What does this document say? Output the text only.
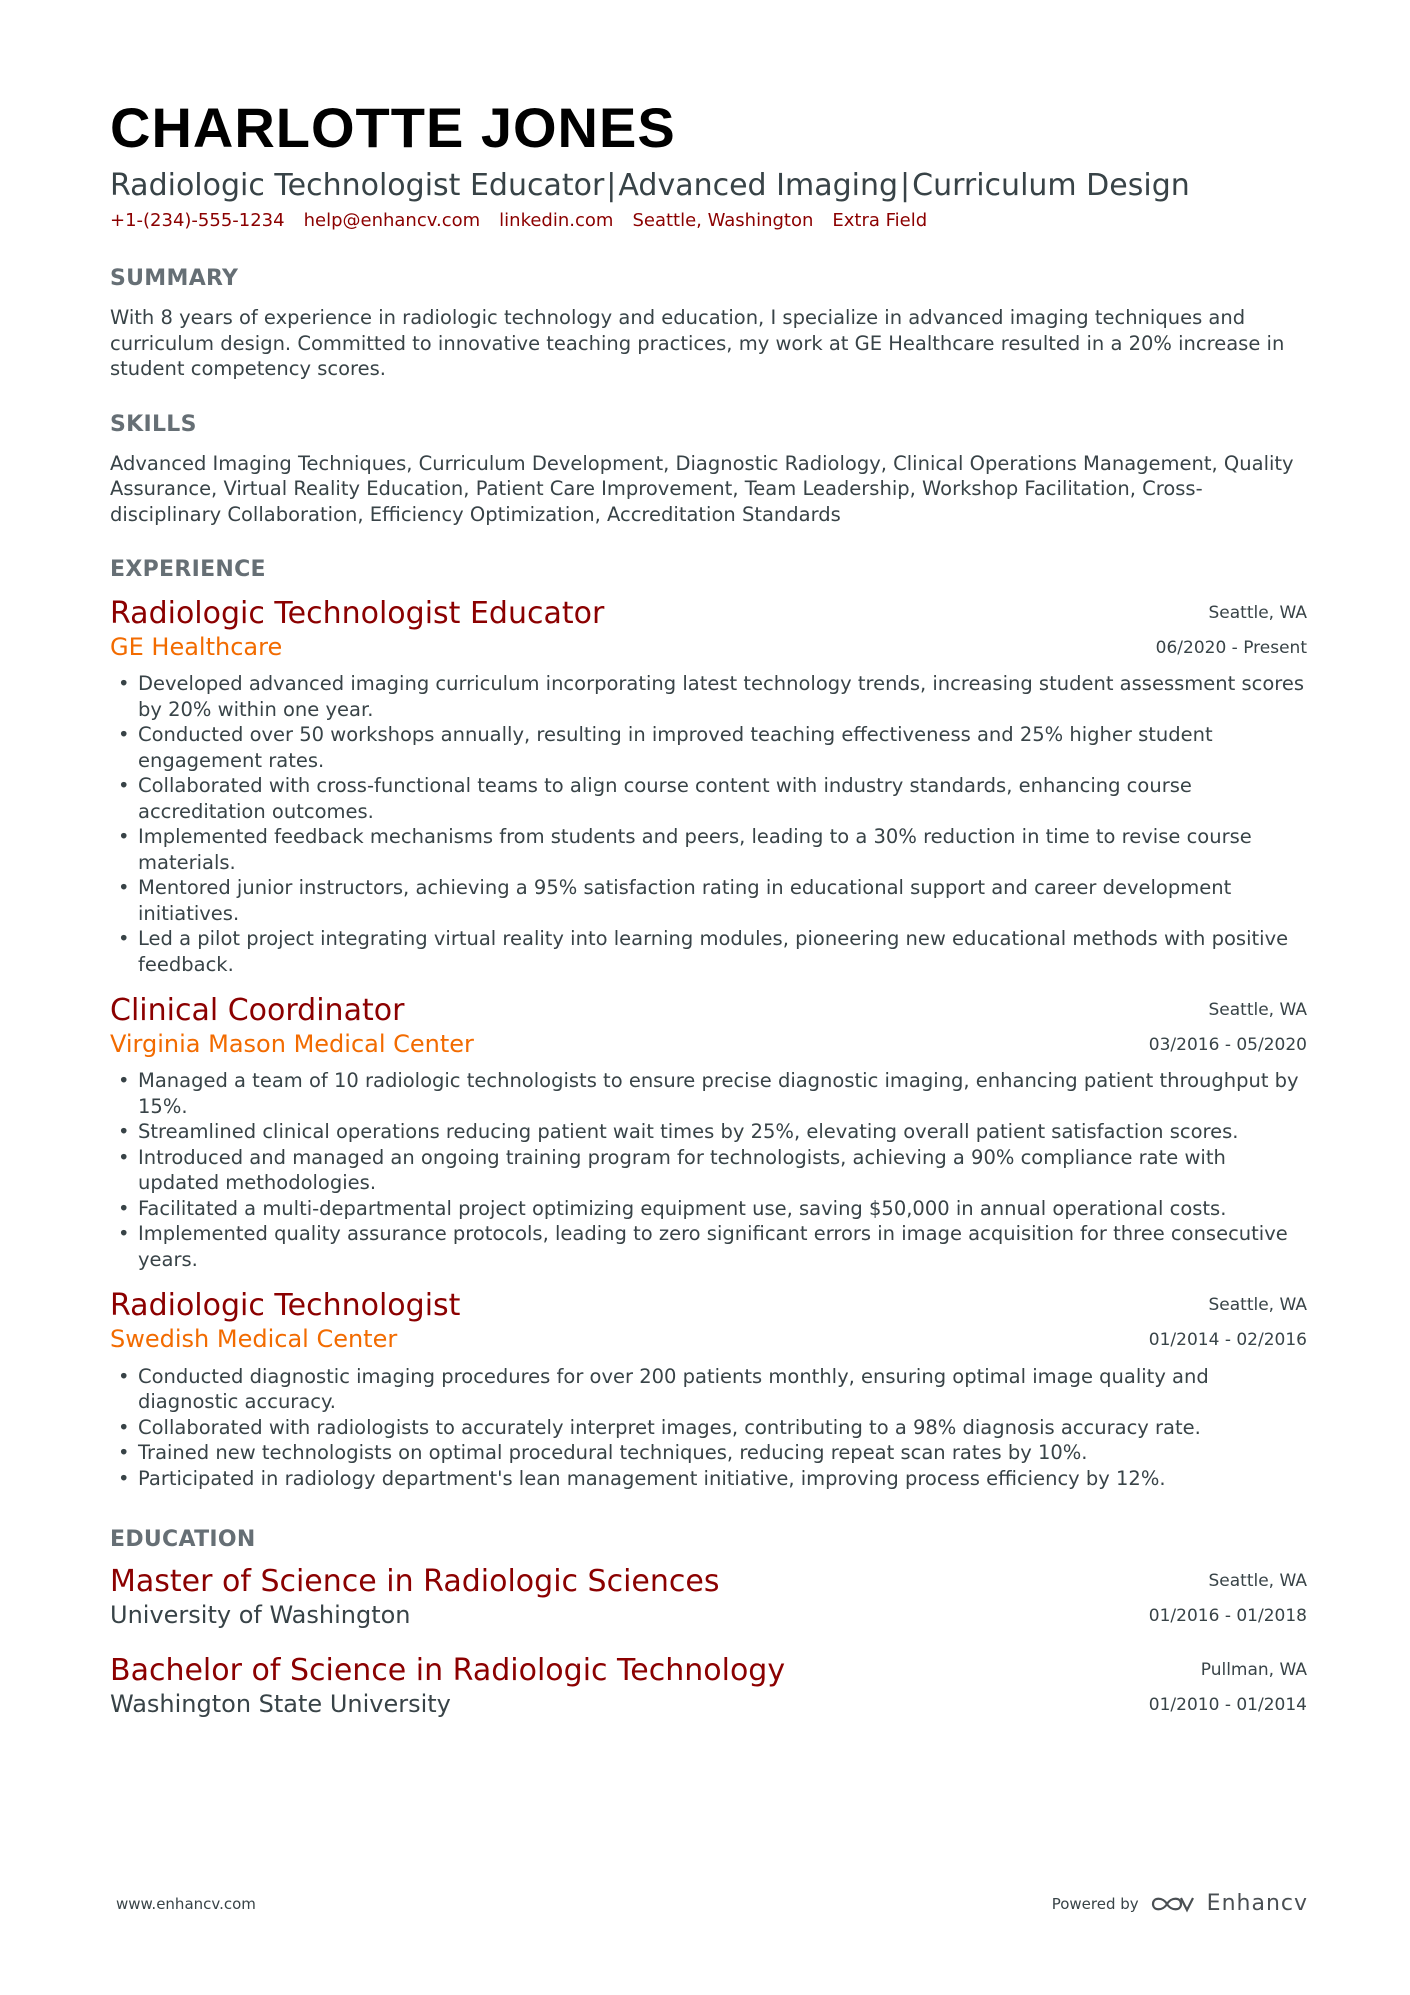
CHARLOTTE JONES
Radiologic Technologist Educator|Advanced Imaging|Curriculum Design
+1-(234)-555-1234 help@enhancv.com linkedin.com Seattle, Washington Extra Field
SUMMARY
With 8 years of experience in radiologic technology and education, I specialize in advanced imaging techniques and curriculum design. Committed to innovative teaching practices, my work at GE Healthcare resulted in a 20% increase in student competency scores.
SKILLS
Advanced Imaging Techniques, Curriculum Development, Diagnostic Radiology, Clinical Operations Management, Quality Assurance, Virtual Reality Education, Patient Care Improvement, Team Leadership, Workshop Facilitation, Cross-disciplinary Collaboration, Efficiency Optimization, Accreditation Standards
EXPERIENCE
Radiologic Technologist Educator
GE Healthcare
Seattle, WA
06/2020 - Present
• Developed advanced imaging curriculum incorporating latest technology trends, increasing student assessment scores by 20% within one year.
• Conducted over 50 workshops annually, resulting in improved teaching effectiveness and 25% higher student engagement rates.
• Collaborated with cross-functional teams to align course content with industry standards, enhancing course accreditation outcomes.
• Implemented feedback mechanisms from students and peers, leading to a 30% reduction in time to revise course materials.
• Mentored junior instructors, achieving a 95% satisfaction rating in educational support and career development initiatives.
• Led a pilot project integrating virtual reality into learning modules, pioneering new educational methods with positive feedback.
Clinical Coordinator
Virginia Mason Medical Center
Seattle, WA
03/2016 - 05/2020
• Managed a team of 10 radiologic technologists to ensure precise diagnostic imaging, enhancing patient throughput by 15%.
• Streamlined clinical operations reducing patient wait times by 25%, elevating overall patient satisfaction scores.
• Introduced and managed an ongoing training program for technologists, achieving a 90% compliance rate with updated methodologies.
• Facilitated a multi-departmental project optimizing equipment use, saving $50,000 in annual operational costs.
• Implemented quality assurance protocols, leading to zero significant errors in image acquisition for three consecutive years.
Radiologic Technologist
Swedish Medical Center
Seattle, WA
01/2014 - 02/2016
• Conducted diagnostic imaging procedures for over 200 patients monthly, ensuring optimal image quality and diagnostic accuracy.
• Collaborated with radiologists to accurately interpret images, contributing to a 98% diagnosis accuracy rate.
• Trained new technologists on optimal procedural techniques, reducing repeat scan rates by 10%.
• Participated in radiology department's lean management initiative, improving process efficiency by 12%.
EDUCATION
Master of Science in Radiologic Sciences
University of Washington
Seattle, WA
01/2016 - 01/2018
Bachelor of Science in Radiologic Technology
Washington State University
Pullman, WA
01/2010 - 01/2014
www.enhancv.com	Powered by	Enhancv
